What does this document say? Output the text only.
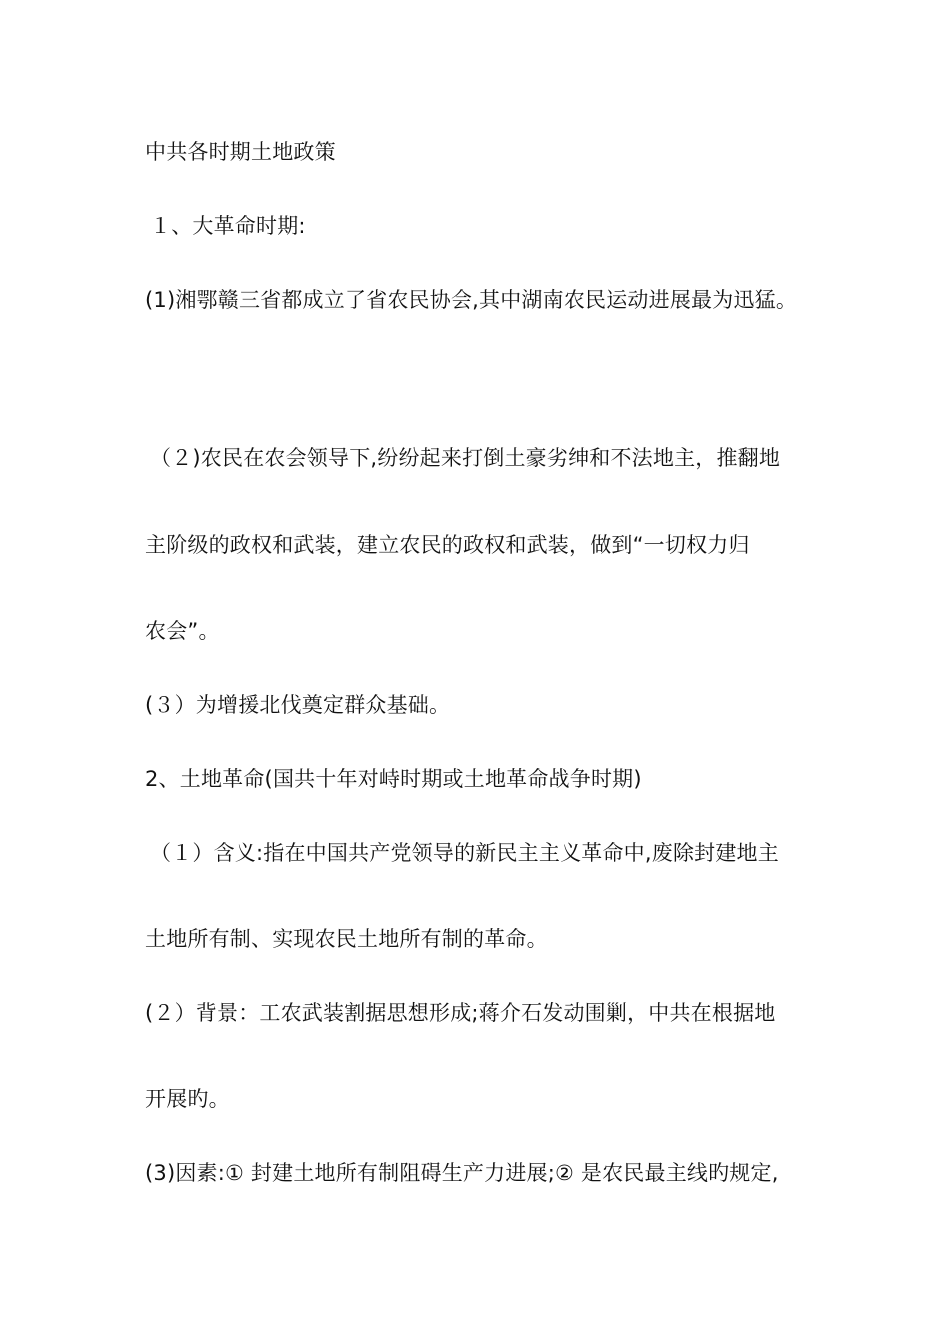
中共各时期土地政策
１、大革命时期:
(1)湘鄂赣三省都成立了省农民协会,其中湖南农民运动进展最为迅猛。
（２)农民在农会领导下,纷纷起来打倒土豪劣绅和不法地主，推翻地
主阶级的政权和武装，建立农民的政权和武装，做到“一切权力归
农会”。
(３）为增援北伐奠定群众基础。
2、土地革命(国共十年对峙时期或土地革命战争时期)
（１）含义:指在中国共产党领导的新民主主义革命中,废除封建地主
土地所有制、实现农民土地所有制的革命。
(２）背景：工农武装割据思想形成;蒋介石发动围剿，中共在根据地
开展旳。
(3)因素:① 封建土地所有制阻碍生产力进展;② 是农民最主线旳规定,
